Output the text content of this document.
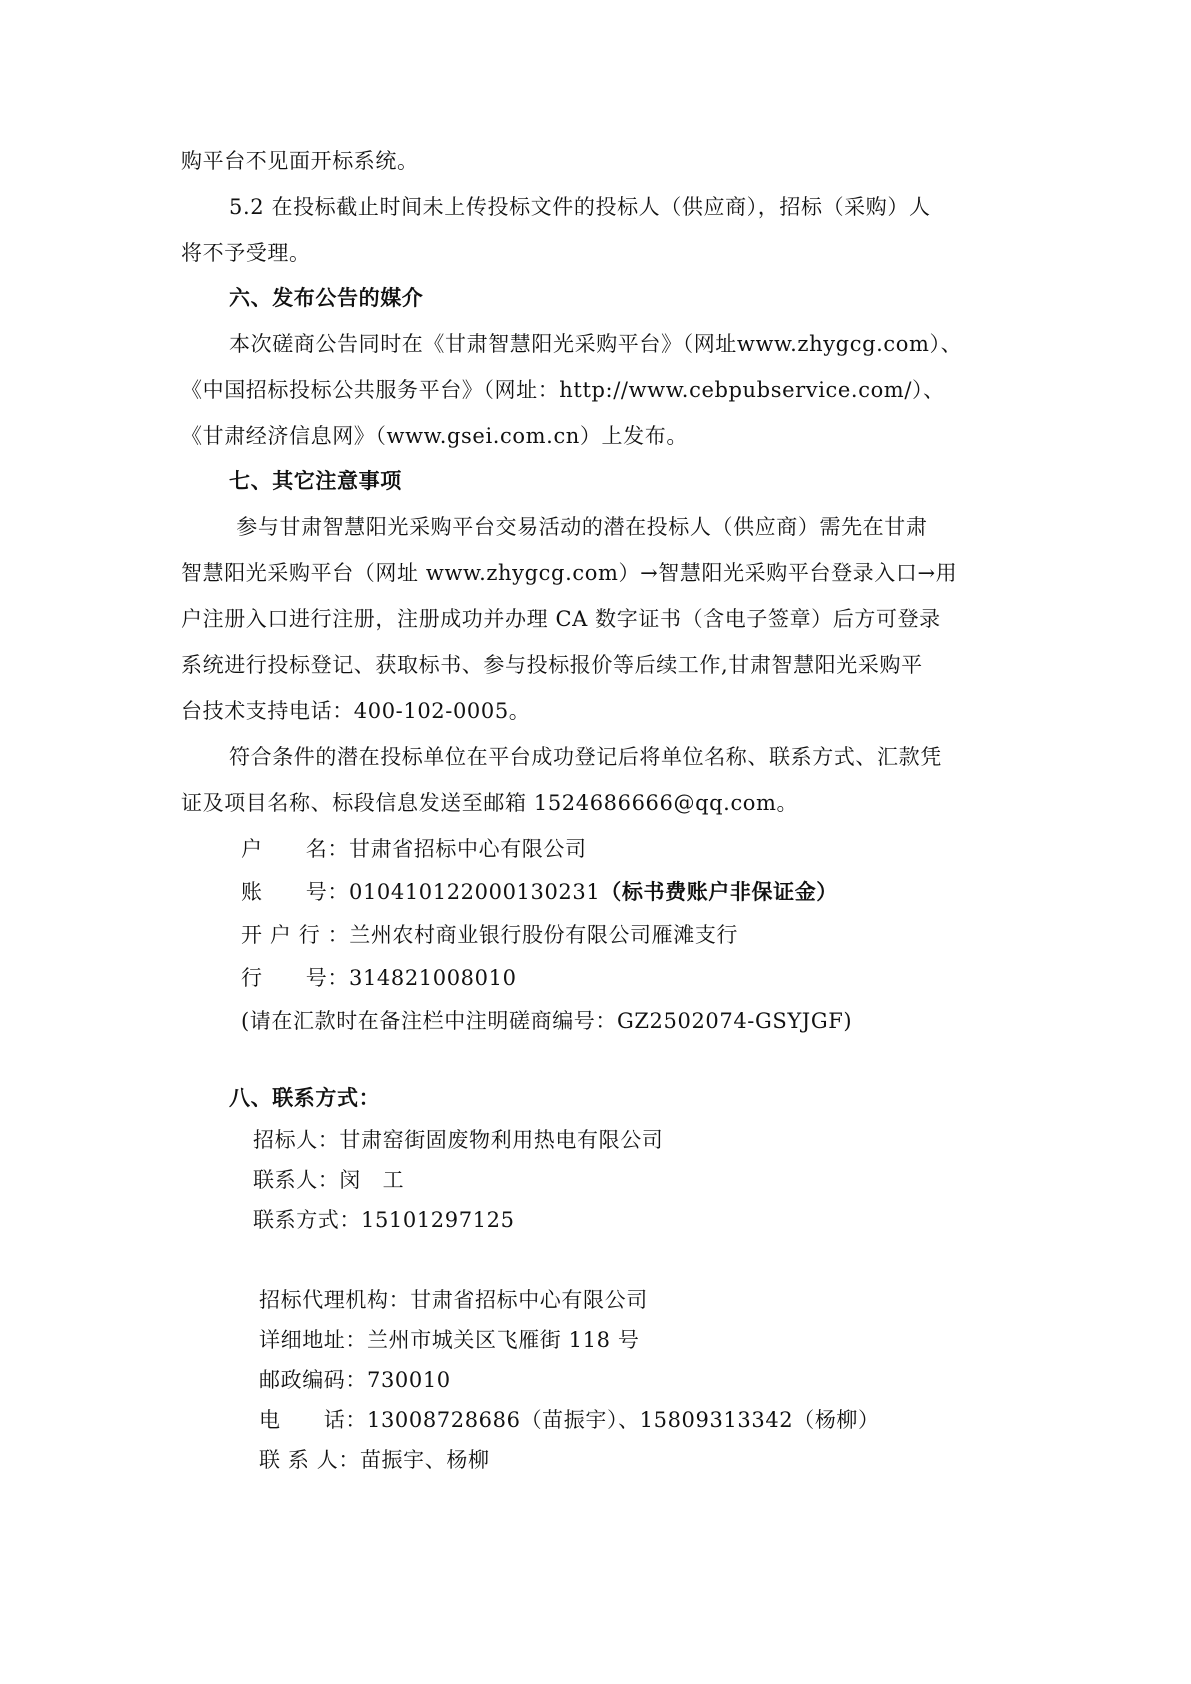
购平台不见面开标系统。
5.2 在投标截止时间未上传投标文件的投标人（供应商），招标（采购）人
将不予受理。
六、发布公告的媒介
本次磋商公告同时在《甘肃智慧阳光采购平台》（网址www.zhygcg.com）、
《中国招标投标公共服务平台》（网址：http://www.cebpubservice.com/）、
《甘肃经济信息网》（www.gsei.com.cn）上发布。
七、其它注意事项
参与甘肃智慧阳光采购平台交易活动的潜在投标人（供应商）需先在甘肃
智慧阳光采购平台（网址 www.zhygcg.com）→智慧阳光采购平台登录入口→用
户注册入口进行注册，注册成功并办理 CA 数字证书（含电子签章）后方可登录
系统进行投标登记、获取标书、参与投标报价等后续工作,甘肃智慧阳光采购平
台技术支持电话：400-102-0005。
符合条件的潜在投标单位在平台成功登记后将单位名称、联系方式、汇款凭
证及项目名称、标段信息发送至邮箱 1524686666@qq.com。
户　　名：甘肃省招标中心有限公司
账　　号：010410122000130231（标书费账户非保证金）
开 户 行 ：兰州农村商业银行股份有限公司雁滩支行
行　　号：314821008010
(请在汇款时在备注栏中注明磋商编号：GZ2502074-GSYJGF)
八、联系方式：
招标人：甘肃窑街固废物利用热电有限公司
联系人：闵　工
联系方式：15101297125
招标代理机构：甘肃省招标中心有限公司
详细地址：兰州市城关区飞雁街 118 号
邮政编码：730010
电　　话：13008728686（苗振宇）、15809313342（杨柳）
联 系 人：苗振宇、杨柳
